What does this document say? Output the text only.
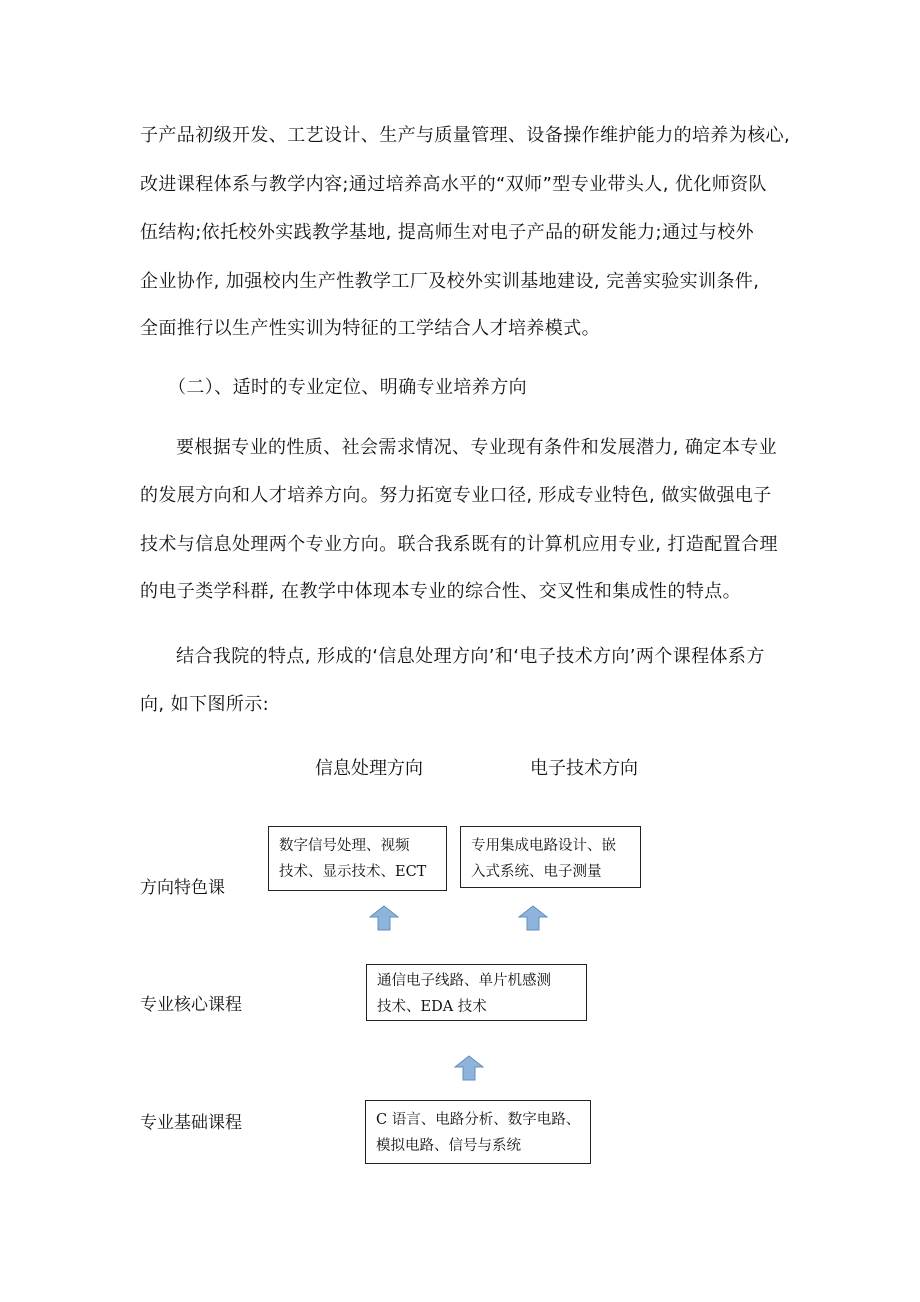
子产品初级开发、工艺设计、生产与质量管理、设备操作维护能力的培养为核心,
改进课程体系与教学内容;通过培养高水平的“双师”型专业带头人, 优化师资队
伍结构;依托校外实践教学基地, 提高师生对电子产品的研发能力;通过与校外
企业协作, 加强校内生产性教学工厂及校外实训基地建设, 完善实验实训条件,
全面推行以生产性实训为特征的工学结合人才培养模式。
（二）、适时的专业定位、明确专业培养方向
要根据专业的性质、社会需求情况、专业现有条件和发展潜力, 确定本专业
的发展方向和人才培养方向。努力拓宽专业口径, 形成专业特色, 做实做强电子
技术与信息处理两个专业方向。联合我系既有的计算机应用专业, 打造配置合理
的电子类学科群, 在教学中体现本专业的综合性、交叉性和集成性的特点。
结合我院的特点, 形成的‘信息处理方向’和‘电子技术方向’两个课程体系方
向, 如下图所示:
信息处理方向	电子技术方向
方向特色课
专业核心课程
专业基础课程
数字信号处理、视频
技术、显示技术、ECT
专用集成电路设计、嵌
入式系统、电子测量
通信电子线路、单片机感测
技术、EDA 技术
C 语言、电路分析、数字电路、
模拟电路、信号与系统
